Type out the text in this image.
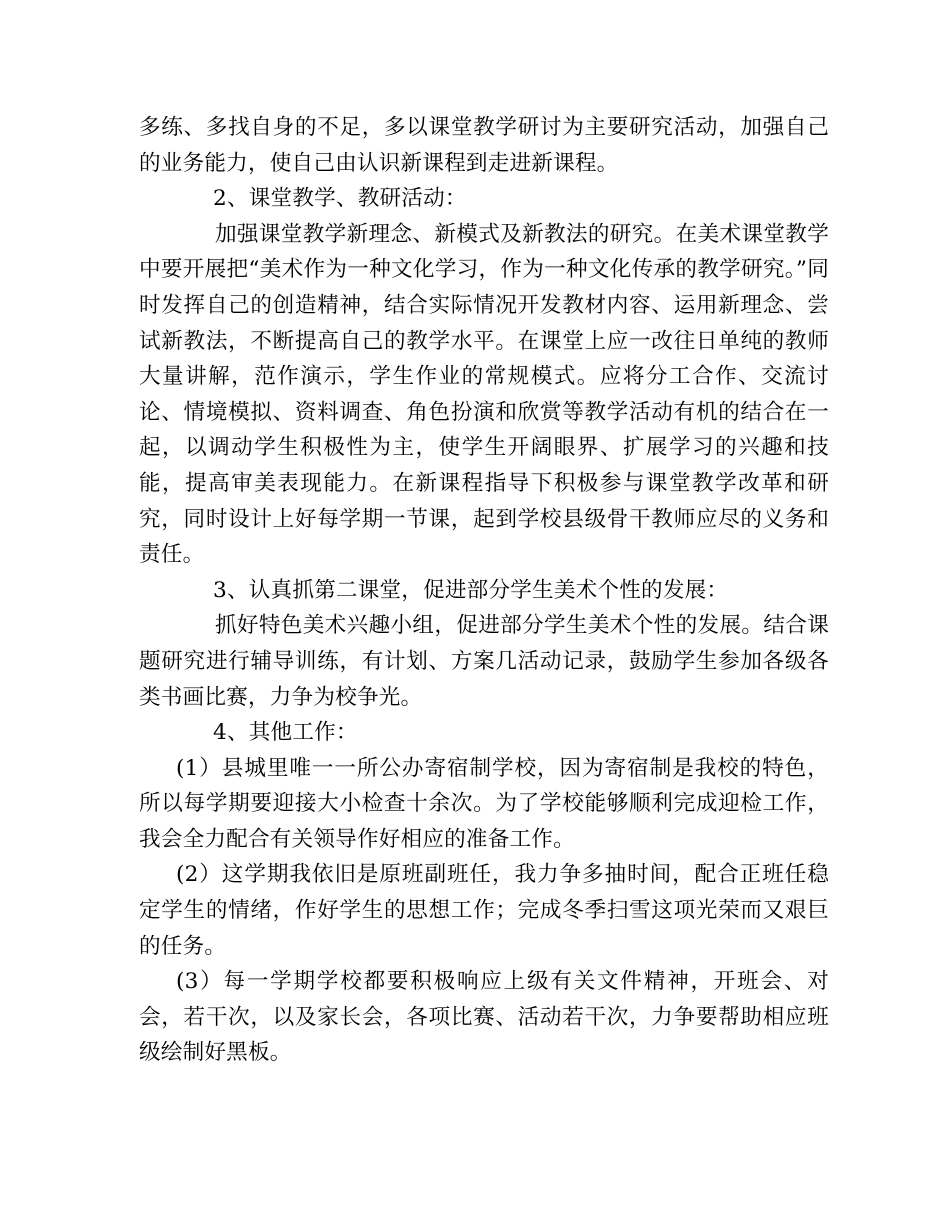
多练、多找自身的不足，多以课堂教学研讨为主要研究活动，加强自己的业务能力，使自己由认识新课程到走进新课程。

2、课堂教学、教研活动：

加强课堂教学新理念、新模式及新教法的研究。在美术课堂教学中要开展把“美术作为一种文化学习，作为一种文化传承的教学研究。”同时发挥自己的创造精神，结合实际情况开发教材内容、运用新理念、尝试新教法，不断提高自己的教学水平。在课堂上应一改往日单纯的教师大量讲解，范作演示，学生作业的常规模式。应将分工合作、交流讨论、情境模拟、资料调查、角色扮演和欣赏等教学活动有机的结合在一起，以调动学生积极性为主，使学生开阔眼界、扩展学习的兴趣和技能，提高审美表现能力。在新课程指导下积极参与课堂教学改革和研究，同时设计上好每学期一节课，起到学校县级骨干教师应尽的义务和责任。

3、认真抓第二课堂，促进部分学生美术个性的发展：

抓好特色美术兴趣小组，促进部分学生美术个性的发展。结合课题研究进行辅导训练，有计划、方案几活动记录，鼓励学生参加各级各类书画比赛，力争为校争光。

4、其他工作：

(1）县城里唯一一所公办寄宿制学校，因为寄宿制是我校的特色，所以每学期要迎接大小检查十余次。为了学校能够顺利完成迎检工作，我会全力配合有关领导作好相应的准备工作。

(2）这学期我依旧是原班副班任，我力争多抽时间，配合正班任稳定学生的情绪，作好学生的思想工作；完成冬季扫雪这项光荣而又艰巨的任务。

(3）每一学期学校都要积极响应上级有关文件精神，开班会、对会，若干次，以及家长会，各项比赛、活动若干次，力争要帮助相应班级绘制好黑板。
